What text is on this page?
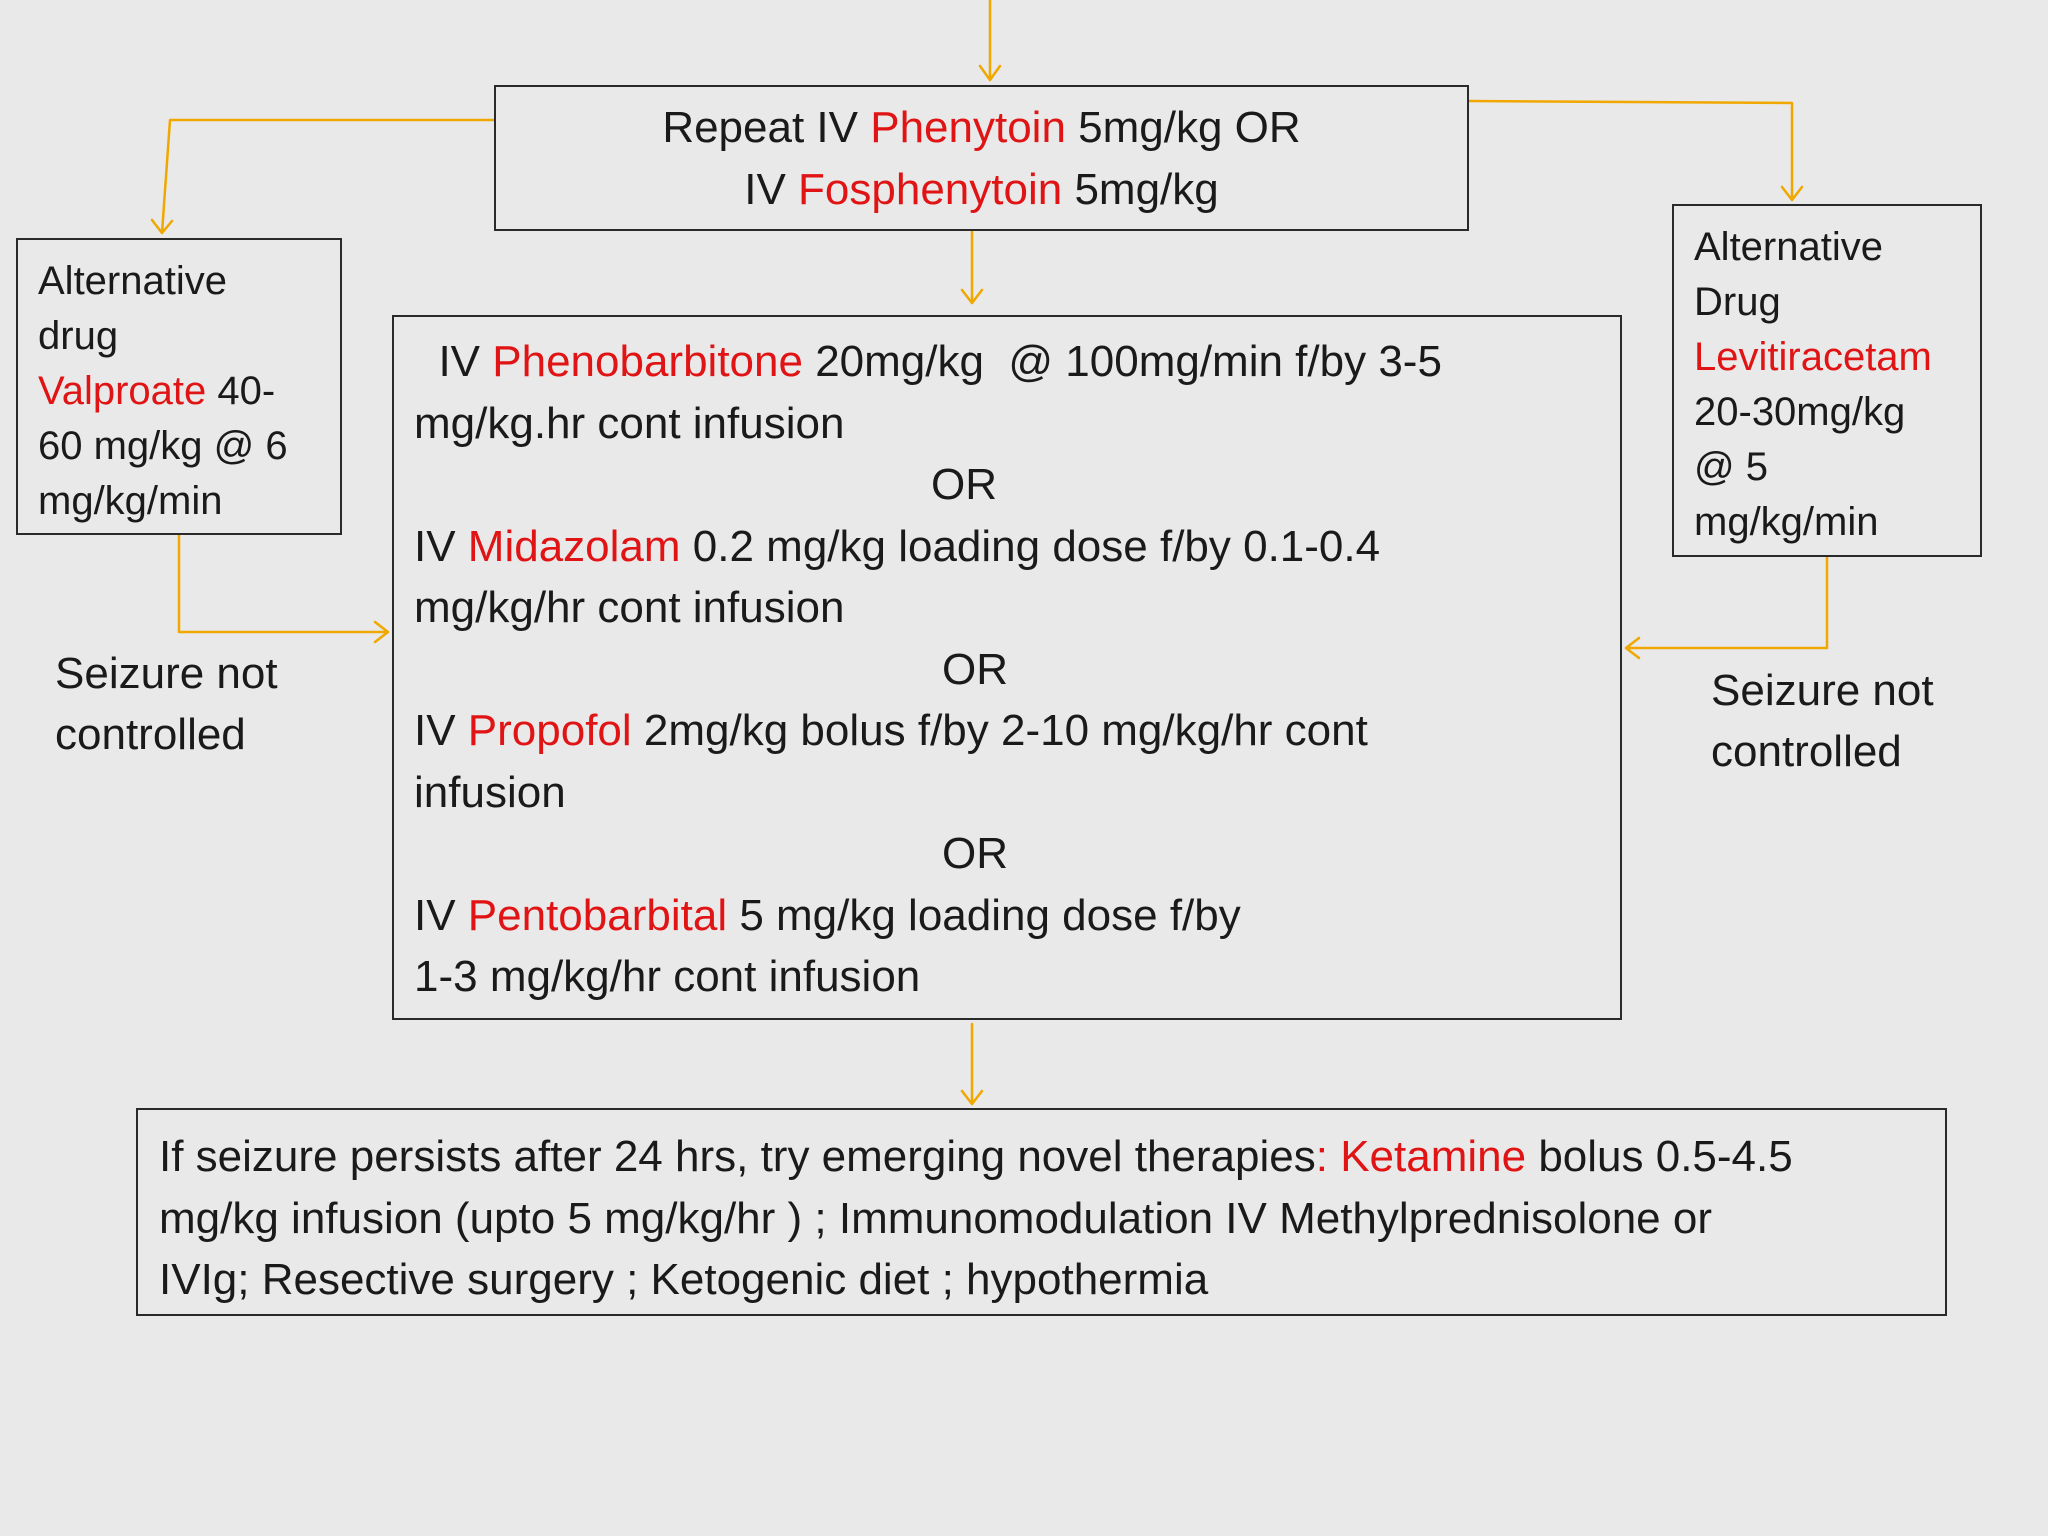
Repeat IV Phenytoin 5mg/kg OR
IV Fosphenytoin 5mg/kg
Alternative
drug
Valproate 40-
60 mg/kg @ 6
mg/kg/min
Alternative
Drug
Levitiracetam
20-30mg/kg
@ 5
mg/kg/min
IV Phenobarbitone 20mg/kg  @ 100mg/min f/by 3-5
mg/kg.hr cont infusion
OR
IV Midazolam 0.2 mg/kg loading dose f/by 0.1-0.4
mg/kg/hr cont infusion
OR
IV Propofol 2mg/kg bolus f/by 2-10 mg/kg/hr cont
infusion
OR
IV Pentobarbital 5 mg/kg loading dose f/by
1-3 mg/kg/hr cont infusion
If seizure persists after 24 hrs, try emerging novel therapies: Ketamine bolus 0.5-4.5
mg/kg infusion (upto 5 mg/kg/hr ) ; Immunomodulation IV Methylprednisolone or
IVIg; Resective surgery ; Ketogenic diet ; hypothermia
Seizure not
controlled
Seizure not
controlled
